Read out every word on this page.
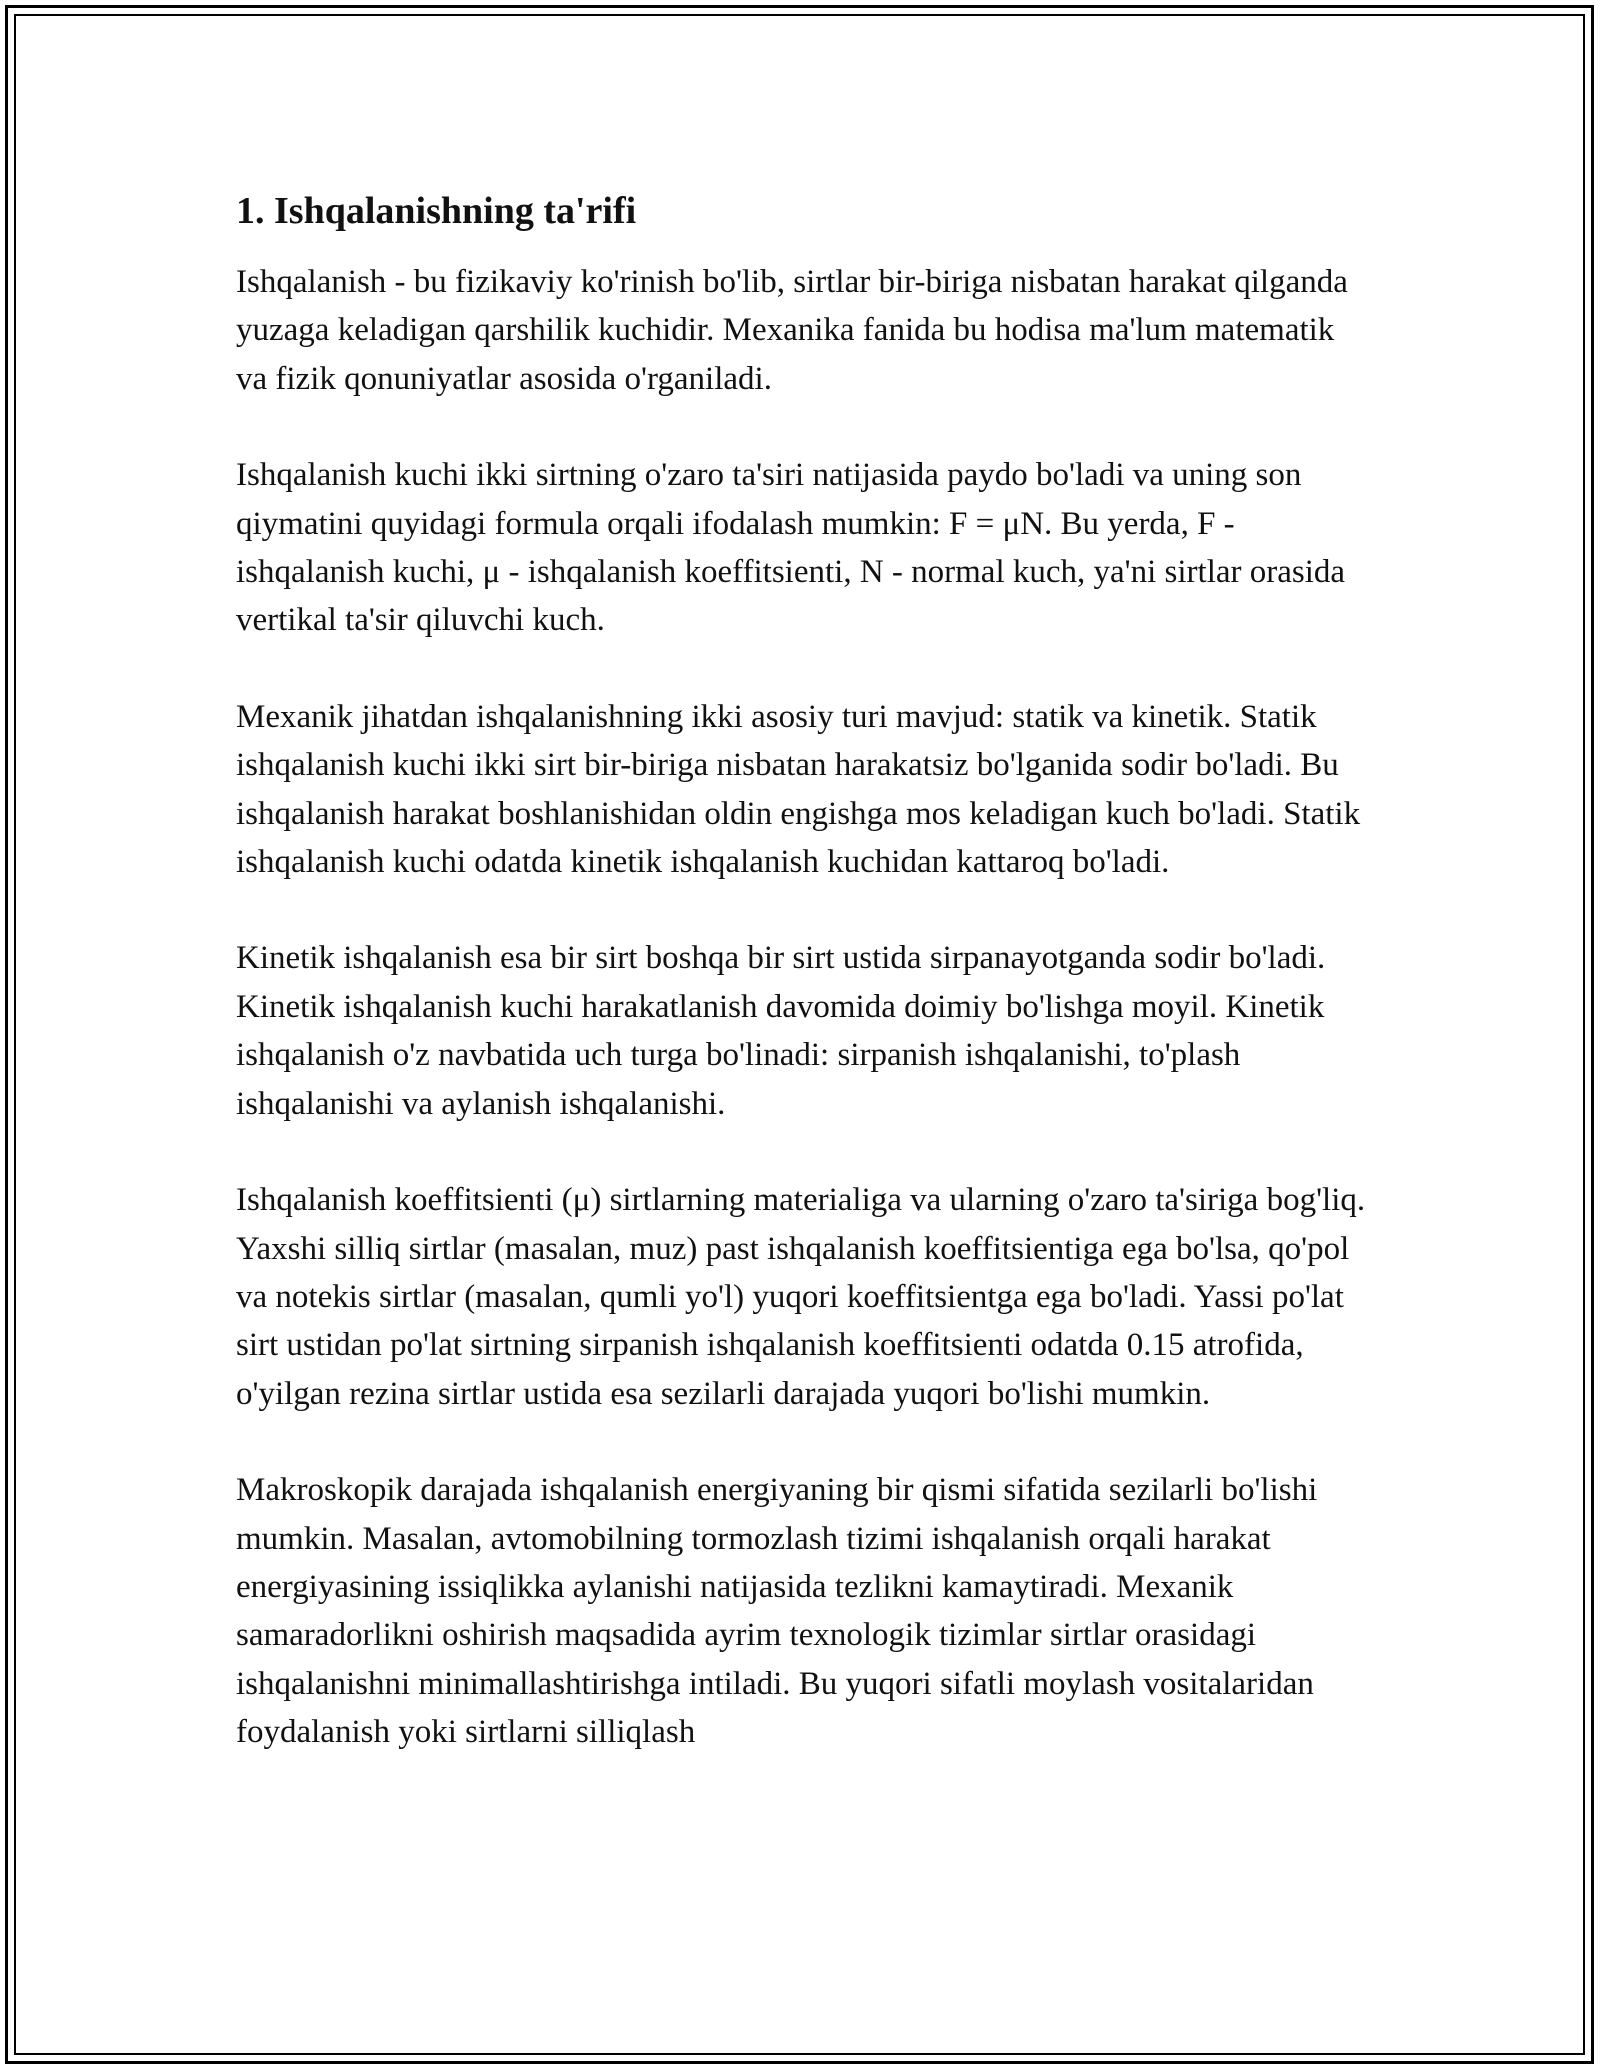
1. Ishqalanishning ta'rifi

Ishqalanish - bu fizikaviy ko'rinish bo'lib, sirtlar bir-biriga nisbatan harakat qilganda yuzaga keladigan qarshilik kuchidir. Mexanika fanida bu hodisa ma'lum matematik va fizik qonuniyatlar asosida o'rganiladi.

Ishqalanish kuchi ikki sirtning o'zaro ta'siri natijasida paydo bo'ladi va uning son qiymatini quyidagi formula orqali ifodalash mumkin: F = μN. Bu yerda, F - ishqalanish kuchi, μ - ishqalanish koeffitsienti, N - normal kuch, ya'ni sirtlar orasida vertikal ta'sir qiluvchi kuch.

Mexanik jihatdan ishqalanishning ikki asosiy turi mavjud: statik va kinetik. Statik ishqalanish kuchi ikki sirt bir-biriga nisbatan harakatsiz bo'lganida sodir bo'ladi. Bu ishqalanish harakat boshlanishidan oldin engishga mos keladigan kuch bo'ladi. Statik ishqalanish kuchi odatda kinetik ishqalanish kuchidan kattaroq bo'ladi.

Kinetik ishqalanish esa bir sirt boshqa bir sirt ustida sirpanayotganda sodir bo'ladi. Kinetik ishqalanish kuchi harakatlanish davomida doimiy bo'lishga moyil. Kinetik ishqalanish o'z navbatida uch turga bo'linadi: sirpanish ishqalanishi, to'plash ishqalanishi va aylanish ishqalanishi.

Ishqalanish koeffitsienti (μ) sirtlarning materialiga va ularning o'zaro ta'siriga bog'liq. Yaxshi silliq sirtlar (masalan, muz) past ishqalanish koeffitsientiga ega bo'lsa, qo'pol va notekis sirtlar (masalan, qumli yo'l) yuqori koeffitsientga ega bo'ladi. Yassi po'lat sirt ustidan po'lat sirtning sirpanish ishqalanish koeffitsienti odatda 0.15 atrofida, o'yilgan rezina sirtlar ustida esa sezilarli darajada yuqori bo'lishi mumkin.

Makroskopik darajada ishqalanish energiyaning bir qismi sifatida sezilarli bo'lishi mumkin. Masalan, avtomobilning tormozlash tizimi ishqalanish orqali harakat energiyasining issiqlikka aylanishi natijasida tezlikni kamaytiradi. Mexanik samaradorlikni oshirish maqsadida ayrim texnologik tizimlar sirtlar orasidagi ishqalanishni minimallashtirishga intiladi. Bu yuqori sifatli moylash vositalaridan foydalanish yoki sirtlarni silliqlash
